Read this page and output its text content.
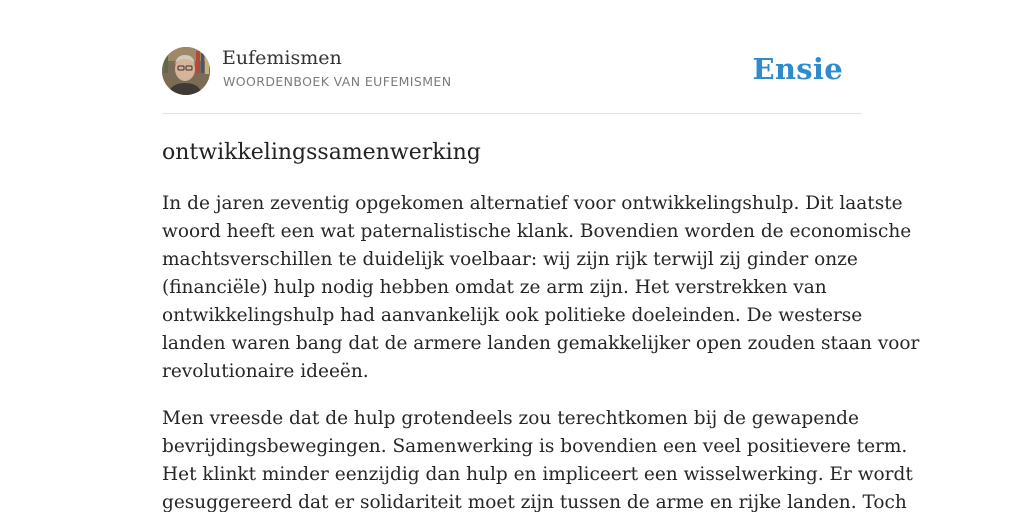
Eufemismen
WOORDENBOEK VAN EUFEMISMEN	Ensie
ontwikkelingssamenwerking

In de jaren zeventig opgekomen alternatief voor ontwikkelingshulp. Dit laatste
woord heeft een wat paternalistische klank. Bovendien worden de economische
machtsverschillen te duidelijk voelbaar: wij zijn rijk terwijl zij ginder onze
(financiële) hulp nodig hebben omdat ze arm zijn. Het verstrekken van
ontwikkelingshulp had aanvankelijk ook politieke doeleinden. De westerse
landen waren bang dat de armere landen gemakkelijker open zouden staan voor
revolutionaire ideeën.

Men vreesde dat de hulp grotendeels zou terechtkomen bij de gewapende
bevrijdingsbewegingen. Samenwerking is bovendien een veel positievere term.
Het klinkt minder eenzijdig dan hulp en impliceert een wisselwerking. Er wordt
gesuggereerd dat er solidariteit moet zijn tussen de arme en rijke landen. Toch
